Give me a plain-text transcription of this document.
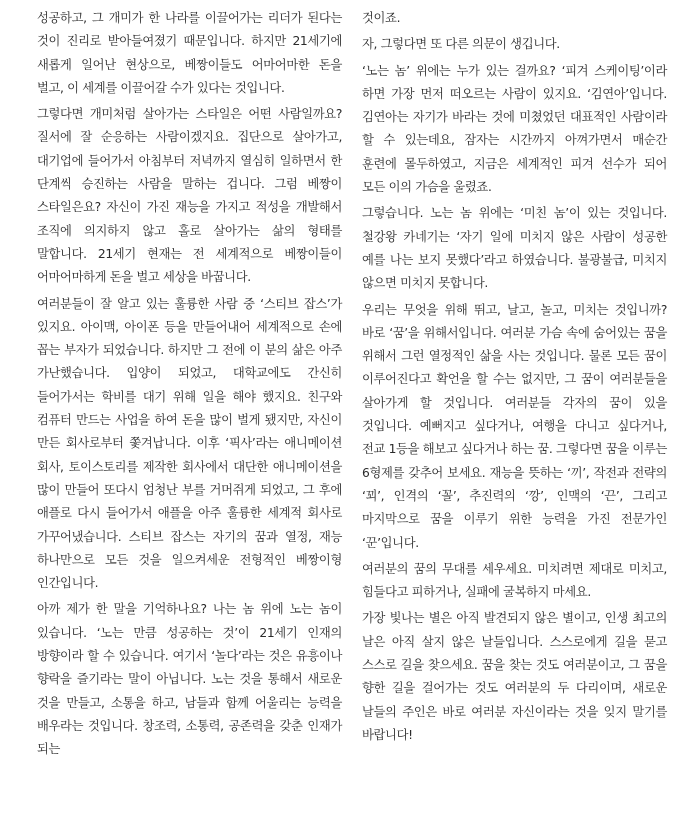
성공하고, 그 개미가 한 나라를 이끌어가는 리더가 된다는 것이 진리로 받아들여졌기 때문입니다. 하지만 21세기에 새롭게 일어난 현상으로, 베짱이들도 어마어마한 돈을 벌고, 이 세계를 이끌어갈 수가 있다는 것입니다.

그렇다면 개미처럼 살아가는 스타일은 어떤 사람일까요? 질서에 잘 순응하는 사람이겠지요. 집단으로 살아가고, 대기업에 들어가서 아침부터 저녁까지 열심히 일하면서 한 단계씩 승진하는 사람을 말하는 겁니다. 그럼 베짱이 스타일은요? 자신이 가진 재능을 가지고 적성을 개발해서 조직에 의지하지 않고 홀로 살아가는 삶의 형태를 말합니다. 21세기 현재는 전 세계적으로 베짱이들이 어마어마하게 돈을 벌고 세상을 바꿉니다.

여러분들이 잘 알고 있는 훌륭한 사람 중 ‘스티브 잡스’가 있지요. 아이맥, 아이폰 등을 만들어내어 세계적으로 손에 꼽는 부자가 되었습니다. 하지만 그 전에 이 분의 삶은 아주 가난했습니다. 입양이 되었고, 대학교에도 간신히 들어가서는 학비를 대기 위해 일을 해야 했지요. 친구와 컴퓨터 만드는 사업을 하여 돈을 많이 벌게 됐지만, 자신이 만든 회사로부터 쫓겨납니다. 이후 ‘픽사’라는 애니메이션 회사, 토이스토리를 제작한 회사에서 대단한 애니메이션을 많이 만들어 또다시 엄청난 부를 거머쥐게 되었고, 그 후에 애플로 다시 들어가서 애플을 아주 훌륭한 세계적 회사로 가꾸어냈습니다. 스티브 잡스는 자기의 꿈과 열정, 재능 하나만으로 모든 것을 일으켜세운 전형적인 베짱이형 인간입니다.

아까 제가 한 말을 기억하나요? 나는 놈 위에 노는 놈이 있습니다. ‘노는 만큼 성공하는 것’이 21세기 인재의 방향이라 할 수 있습니다. 여기서 ‘놀다’라는 것은 유흥이나 향락을 즐기라는 말이 아닙니다. 노는 것을 통해서 새로운 것을 만들고, 소통을 하고, 남들과 함께 어울리는 능력을 배우라는 것입니다. 창조력, 소통력, 공존력을 갖춘 인재가 되는

것이죠.

자, 그렇다면 또 다른 의문이 생깁니다.

‘노는 놈’ 위에는 누가 있는 걸까요? ‘피겨 스케이팅’이라 하면 가장 먼저 떠오르는 사람이 있지요. ‘김연아’입니다. 김연아는 자기가 바라는 것에 미쳤었던 대표적인 사람이라 할 수 있는데요, 잠자는 시간까지 아껴가면서 매순간 훈련에 몰두하였고, 지금은 세계적인 피겨 선수가 되어 모든 이의 가슴을 울렸죠.

그렇습니다. 노는 놈 위에는 ‘미친 놈’이 있는 것입니다. 철강왕 카네기는 ‘자기 일에 미치지 않은 사람이 성공한 예를 나는 보지 못했다’라고 하였습니다. 불광불급, 미치지 않으면 미치지 못합니다.

우리는 무엇을 위해 뛰고, 날고, 놀고, 미치는 것입니까? 바로 ‘꿈’을 위해서입니다. 여러분 가슴 속에 숨어있는 꿈을 위해서 그런 열정적인 삶을 사는 것입니다. 물론 모든 꿈이 이루어진다고 확언을 할 수는 없지만, 그 꿈이 여러분들을 살아가게 할 것입니다. 여러분들 각자의 꿈이 있을 것입니다. 예뻐지고 싶다거나, 여행을 다니고 싶다거나, 전교 1등을 해보고 싶다거나 하는 꿈. 그렇다면 꿈을 이루는 6형제를 갖추어 보세요. 재능을 뜻하는 ‘끼’, 작전과 전략의 ‘꾀’, 인격의 ‘꼴’, 추진력의 ‘깡’, 인맥의 ‘끈’, 그리고 마지막으로 꿈을 이루기 위한 능력을 가진 전문가인 ‘꾼’입니다.

여러분의 꿈의 무대를 세우세요. 미치려면 제대로 미치고, 힘들다고 피하거나, 실패에 굴복하지 마세요.

가장 빛나는 별은 아직 발견되지 않은 별이고, 인생 최고의 날은 아직 살지 않은 날들입니다. 스스로에게 길을 묻고 스스로 길을 찾으세요. 꿈을 찾는 것도 여러분이고, 그 꿈을 향한 길을 걸어가는 것도 여러분의 두 다리이며, 새로운 날들의 주인은 바로 여러분 자신이라는 것을 잊지 말기를 바랍니다!
